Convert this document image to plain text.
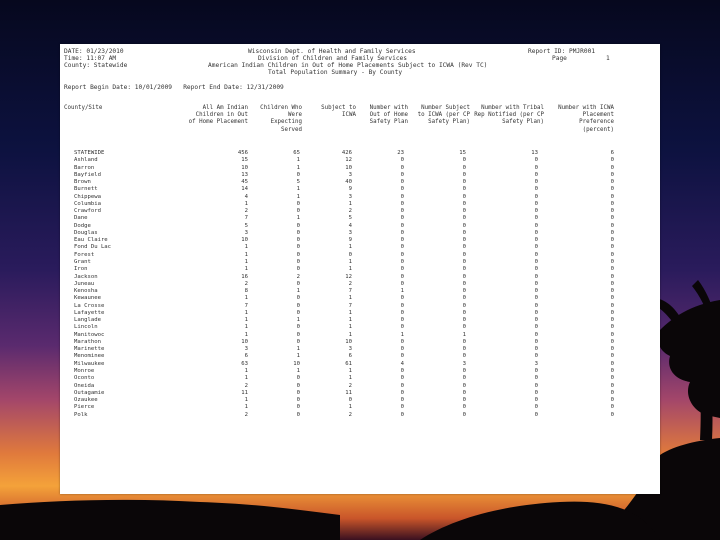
DATE: 01/23/2010
Time: 11:07 AM
County: Statewide
Wisconsin Dept. of Health and Family Services
Division of Children and Family Services
American Indian Children in Out of Home Placements Subject to ICWA (Rev TC)
Total Population Summary - By County
Report ID: PMJR001
Page	1
Report Begin Date: 10/01/2009   Report End Date: 12/31/2009
County/Site	All Am Indian Children in Out of Home Placement
Children Who Were Expecting Served
Subject to ICWA
Number with Out of Home Safety Plan
Number Subject to ICWA (per CP Safety Plan)
Number with Tribal Rep Notified (per CP Safety Plan)
Number with ICWA Placement Preference (percent)
STATEWIDE	456	65	426	23	15	13	6
Ashland	15	1	12	0	0	0	0
Barron	10	1	10	0	0	0	0
Bayfield	13	0	3	0	0	0	0
Brown	45	5	40	0	0	0	0
Burnett	14	1	9	0	0	0	0
Chippewa	4	1	3	0	0	0	0
Columbia	1	0	1	0	0	0	0
Crawford	2	0	2	0	0	0	0
Dane	7	1	5	0	0	0	0
Dodge	5	0	4	0	0	0	0
Douglas	3	0	3	0	0	0	0
Eau Claire	10	0	9	0	0	0	0
Fond Du Lac	1	0	1	0	0	0	0
Forest	1	0	0	0	0	0	0
Grant	1	0	1	0	0	0	0
Iron	1	0	1	0	0	0	0
Jackson	16	2	12	0	0	0	0
Juneau	2	0	2	0	0	0	0
Kenosha	8	1	7	1	0	0	0
Kewaunee	1	0	1	0	0	0	0
La Crosse	7	0	7	0	0	0	0
Lafayette	1	0	1	0	0	0	0
Langlade	1	1	1	0	0	0	0
Lincoln	1	0	1	0	0	0	0
Manitowoc	1	0	1	1	1	0	0
Marathon	10	0	10	0	0	0	0
Marinette	3	1	3	0	0	0	0
Menominee	6	1	6	0	0	0	0
Milwaukee	63	10	61	4	3	3	0
Monroe	1	1	1	0	0	0	0
Oconto	1	0	1	0	0	0	0
Oneida	2	0	2	0	0	0	0
Outagamie	11	0	11	0	0	0	0
Ozaukee	1	0	0	0	0	0	0
Pierce	1	0	1	0	0	0	0
Polk	2	0	2	0	0	0	0
